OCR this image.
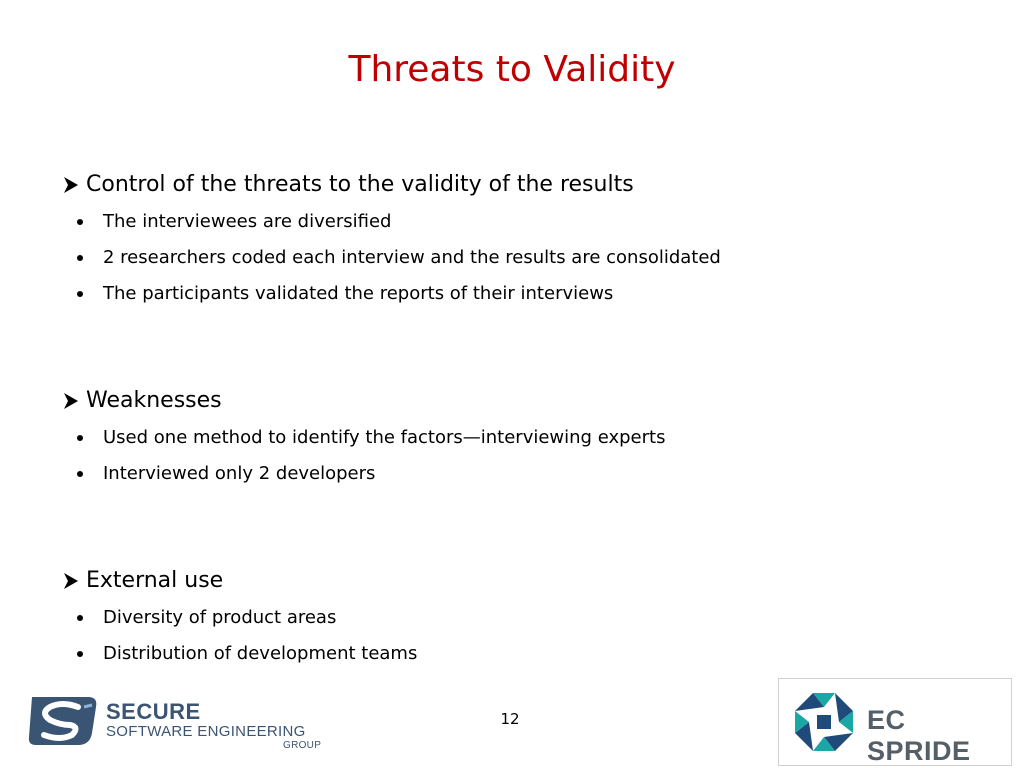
Threats to Validity
Control of the threats to the validity of the results
The interviewees are diversified
2 researchers coded each interview and the results are consolidated
The participants validated the reports of their interviews
Weaknesses
Used one method to identify the factors—interviewing experts
Interviewed only 2 developers
External use
Diversity of product areas
Distribution of development teams
12
SECURE
SOFTWARE ENGINEERING
GROUP
EC SPRIDE
